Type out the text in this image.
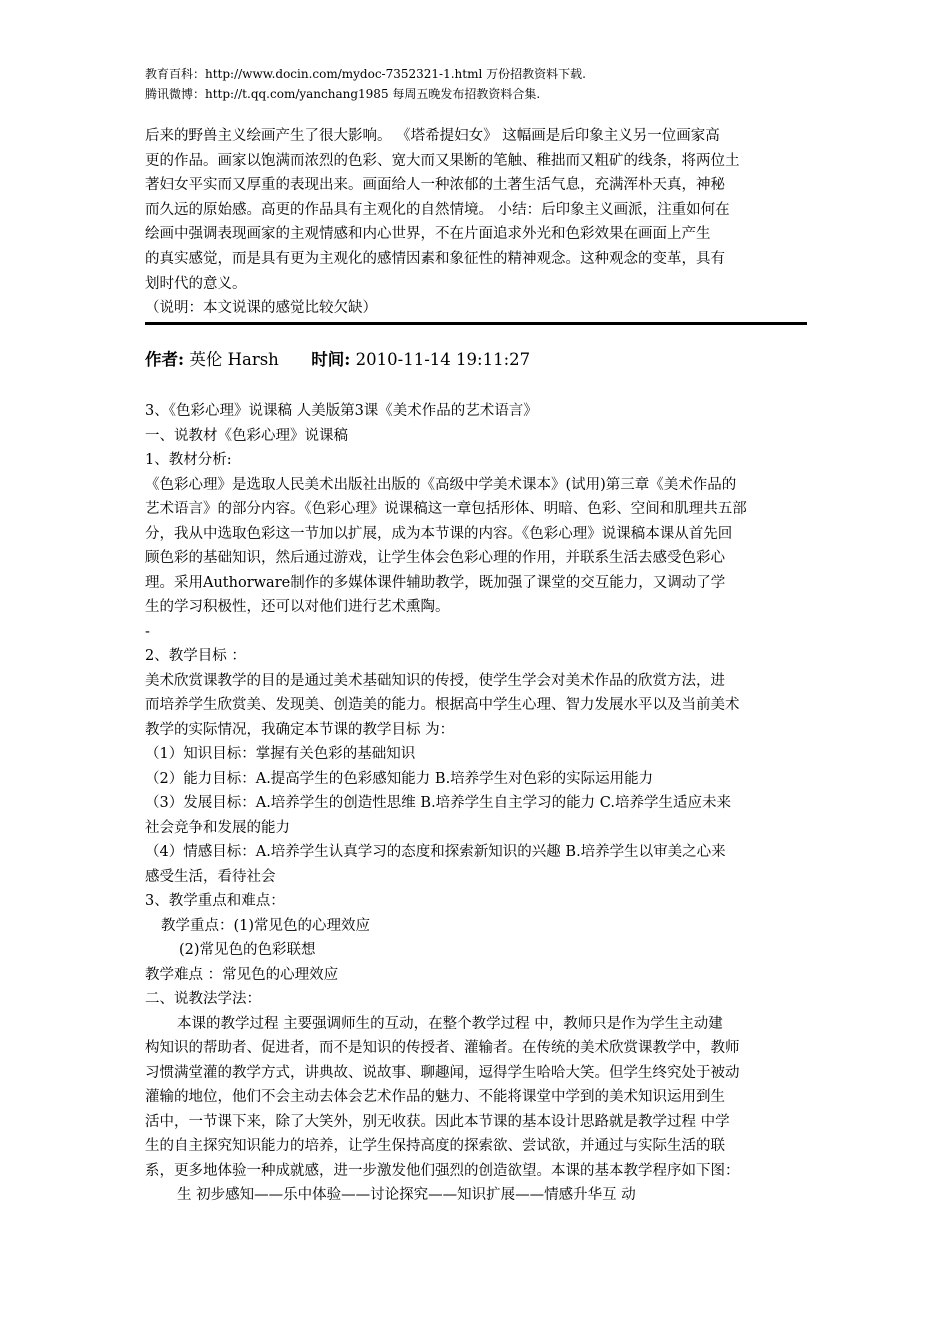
教育百科：http://www.docin.com/mydoc-7352321-1.html 万份招教资料下载.
腾讯微博：http://t.qq.com/yanchang1985 每周五晚发布招教资料合集.

后来的野兽主义绘画产生了很大影响。 《塔希提妇女》 这幅画是后印象主义另一位画家高

更的作品。画家以饱满而浓烈的色彩、宽大而又果断的笔触、稚拙而又粗矿的线条，将两位土

著妇女平实而又厚重的表现出来。画面给人一种浓郁的土著生活气息，充满浑朴天真，神秘

而久远的原始感。高更的作品具有主观化的自然情境。 小结：后印象主义画派，注重如何在

绘画中强调表现画家的主观情感和内心世界，不在片面追求外光和色彩效果在画面上产生

的真实感觉，而是具有更为主观化的感情因素和象征性的精神观念。这种观念的变革，具有

划时代的意义。

（说明：本文说课的感觉比较欠缺）

作者: 英伦 Harsh 时间: 2010-11-14 19:11:27

3、《色彩心理》说课稿 人美版第3课《美术作品的艺术语言》

一、说教材《色彩心理》说课稿

1、教材分析:

《色彩心理》是选取人民美术出版社出版的《高级中学美术课本》(试用)第三章《美术作品的

艺术语言》的部分内容。《色彩心理》说课稿这一章包括形体、明暗、色彩、空间和肌理共五部

分，我从中选取色彩这一节加以扩展，成为本节课的内容。《色彩心理》说课稿本课从首先回

顾色彩的基础知识，然后通过游戏，让学生体会色彩心理的作用，并联系生活去感受色彩心

理。采用Authorware制作的多媒体课件辅助教学，既加强了课堂的交互能力，又调动了学

生的学习积极性，还可以对他们进行艺术熏陶。

-

2、教学目标 ：

美术欣赏课教学的目的是通过美术基础知识的传授，使学生学会对美术作品的欣赏方法，进

而培养学生欣赏美、发现美、创造美的能力。根据高中学生心理、智力发展水平以及当前美术

教学的实际情况，我确定本节课的教学目标 为：

（1）知识目标：掌握有关色彩的基础知识

（2）能力目标：A.提高学生的色彩感知能力 B.培养学生对色彩的实际运用能力

（3）发展目标：A.培养学生的创造性思维 B.培养学生自主学习的能力 C.培养学生适应未来

社会竞争和发展的能力

（4）情感目标：A.培养学生认真学习的态度和探索新知识的兴趣 B.培养学生以审美之心来

感受生活，看待社会

3、教学重点和难点：

教学重点：(1)常见色的心理效应

(2)常见色的色彩联想

教学难点 ：常见色的心理效应

二、说教法学法：

本课的教学过程 主要强调师生的互动，在整个教学过程 中，教师只是作为学生主动建

构知识的帮助者、促进者，而不是知识的传授者、灌输者。在传统的美术欣赏课教学中，教师

习惯满堂灌的教学方式，讲典故、说故事、聊趣闻，逗得学生哈哈大笑。但学生终究处于被动

灌输的地位，他们不会主动去体会艺术作品的魅力、不能将课堂中学到的美术知识运用到生

活中，一节课下来，除了大笑外，别无收获。因此本节课的基本设计思路就是教学过程 中学

生的自主探究知识能力的培养，让学生保持高度的探索欲、尝试欲，并通过与实际生活的联

系，更多地体验一种成就感，进一步激发他们强烈的创造欲望。本课的基本教学程序如下图：

生 初步感知——乐中体验——讨论探究——知识扩展——情感升华互 动
